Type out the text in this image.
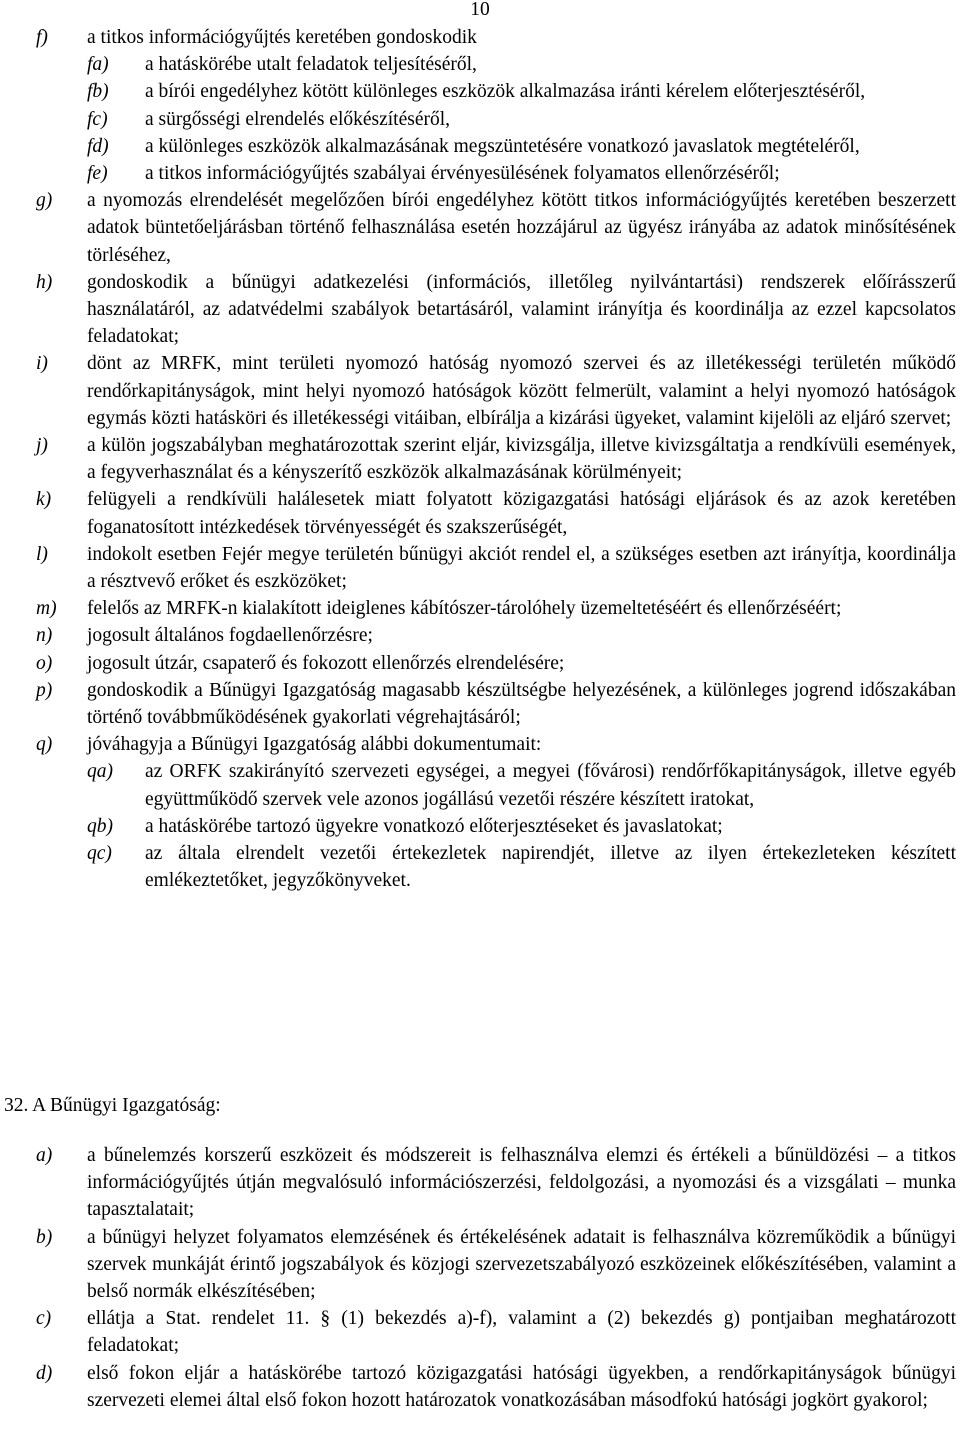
10
f)	a titkos információgyűjtés keretében gondoskodik
fa)	a hatáskörébe utalt feladatok teljesítéséről,
fb)	a bírói engedélyhez kötött különleges eszközök alkalmazása iránti kérelem előterjesztéséről,
fc)	a sürgősségi elrendelés előkészítéséről,
fd)	a különleges eszközök alkalmazásának megszüntetésére vonatkozó javaslatok megtételéről,
fe)	a titkos információgyűjtés szabályai érvényesülésének folyamatos ellenőrzéséről;
g)	a nyomozás elrendelését megelőzően bírói engedélyhez kötött titkos információgyűjtés keretében beszerzett adatok büntetőeljárásban történő felhasználása esetén hozzájárul az ügyész irányába az adatok minősítésének törléséhez,
h)	gondoskodik a bűnügyi adatkezelési (információs, illetőleg nyilvántartási) rendszerek előírásszerű használatáról, az adatvédelmi szabályok betartásáról, valamint irányítja és koordinálja az ezzel kapcsolatos feladatokat;
i)	dönt az MRFK, mint területi nyomozó hatóság nyomozó szervei és az illetékességi területén működő rendőrkapitányságok, mint helyi nyomozó hatóságok között felmerült, valamint a helyi nyomozó hatóságok egymás közti hatásköri és illetékességi vitáiban, elbírálja a kizárási ügyeket, valamint kijelöli az eljáró szervet;
j)	a külön jogszabályban meghatározottak szerint eljár, kivizsgálja, illetve kivizsgáltatja a rendkívüli események, a fegyverhasználat és a kényszerítő eszközök alkalmazásának körülményeit;
k)	felügyeli a rendkívüli halálesetek miatt folyatott közigazgatási hatósági eljárások és az azok keretében foganatosított intézkedések törvényességét és szakszerűségét,
l)	indokolt esetben Fejér megye területén bűnügyi akciót rendel el, a szükséges esetben azt irányítja, koordinálja a résztvevő erőket és eszközöket;
m)	felelős az MRFK-n kialakított ideiglenes kábítószer-tárolóhely üzemeltetéséért és ellenőrzéséért;
n)	jogosult általános fogdaellenőrzésre;
o)	jogosult útzár, csapaterő és fokozott ellenőrzés elrendelésére;
p)	gondoskodik a Bűnügyi Igazgatóság magasabb készültségbe helyezésének, a különleges jogrend időszakában történő továbbműködésének gyakorlati végrehajtásáról;
q)	jóváhagyja a Bűnügyi Igazgatóság alábbi dokumentumait:
qa)	az ORFK szakirányító szervezeti egységei, a megyei (fővárosi) rendőrfőkapitányságok, illetve egyéb együttműködő szervek vele azonos jogállású vezetői részére készített iratokat,
qb)	a hatáskörébe tartozó ügyekre vonatkozó előterjesztéseket és javaslatokat;
qc)	az általa elrendelt vezetői értekezletek napirendjét, illetve az ilyen értekezleteken készített emlékeztetőket, jegyzőkönyveket.
32. A Bűnügyi Igazgatóság:
a)	a bűnelemzés korszerű eszközeit és módszereit is felhasználva elemzi és értékeli a bűnüldözési – a titkos információgyűjtés útján megvalósuló információszerzési, feldolgozási, a nyomozási és a vizsgálati – munka tapasztalatait;
b)	a bűnügyi helyzet folyamatos elemzésének és értékelésének adatait is felhasználva közreműködik a bűnügyi szervek munkáját érintő jogszabályok és közjogi szervezetszabályozó eszközeinek előkészítésében, valamint a belső normák elkészítésében;
c)	ellátja a Stat. rendelet 11. § (1) bekezdés a)-f), valamint a (2) bekezdés g) pontjaiban meghatározott feladatokat;
d)	első fokon eljár a hatáskörébe tartozó közigazgatási hatósági ügyekben, a rendőrkapitányságok bűnügyi szervezeti elemei által első fokon hozott határozatok vonatkozásában másodfokú hatósági jogkört gyakorol;
